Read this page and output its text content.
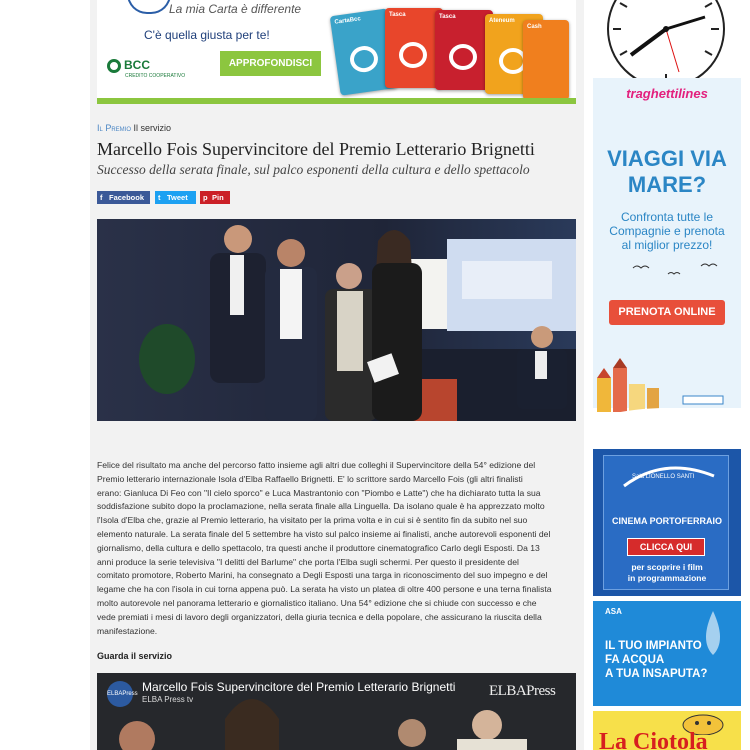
La mia Carta è differente
C'è quella giusta per te!
BCC
CREDITO COOPERATIVO
APPROFONDISCI
CartaBcc
Tasca	Tasca
Ateneum
Cash
Il Premio Il servizio
Marcello Fois Supervincitore del Premio Letterario Brignetti
Successo della serata finale, sul palco esponenti della cultura e dello spettacolo
f Facebook	t Tweet	p Pin
Felice del risultato ma anche del percorso fatto insieme agli altri due colleghi il Supervincitore della 54° edizione del
Premio letterario internazionale Isola d'Elba Raffaello Brignetti. E' lo scrittore sardo Marcello Fois (gli altri finalisti
erano: Gianluca Di Feo con "Il cielo sporco" e Luca Mastrantonio con "Piombo e Latte") che ha dichiarato tutta la sua
soddisfazione subito dopo la proclamazione, nella serata finale alla Linguella. Da isolano quale è ha apprezzato molto
l'Isola d'Elba che, grazie al Premio letterario, ha visitato per la prima volta e in cui si è sentito fin da subito nel suo
elemento naturale. La serata finale del 5 settembre ha visto sul palco insieme ai finalisti, anche autorevoli esponenti del
giornalismo, della cultura e dello spettacolo, tra questi anche il produttore cinematografico Carlo degli Esposti. Da 13
anni produce la serie televisiva "I delitti del Barlume" che porta l'Elba sugli schermi. Per questo il presidente del
comitato promotore, Roberto Marini, ha consegnato a Degli Esposti una targa in riconoscimento del suo impegno e del
legame che ha con l'isola in cui torna appena può. La serata ha visto un platea di oltre 400 persone e una terna finalista
molto autorevole nel panorama letterario e giornalistico italiano. Una 54° edizione che si chiude con successo e che
vede premiati i mesi di lavoro degli organizzatori, della giuria tecnica e della popolare, che assicurano la riuscita della
manifestazione.
Guarda il servizio
ELBAPress Marcello Fois Supervincitore del Premio Letterario Brignetti
ELBA Press tv
ELBAPress
traghettilines
VIAGGI VIA
MARE?
Confronta tutte le
Compagnie e prenota
al miglior prezzo!
PRENOTA ONLINE
Sala LIONELLO SANTI
CINEMA PORTOFERRAIO
CLICCA QUI
per scoprire i film
in programmazione
ASA
IL TUO IMPIANTO
FA ACQUA
A TUA INSAPUTA?
La Ciotola
